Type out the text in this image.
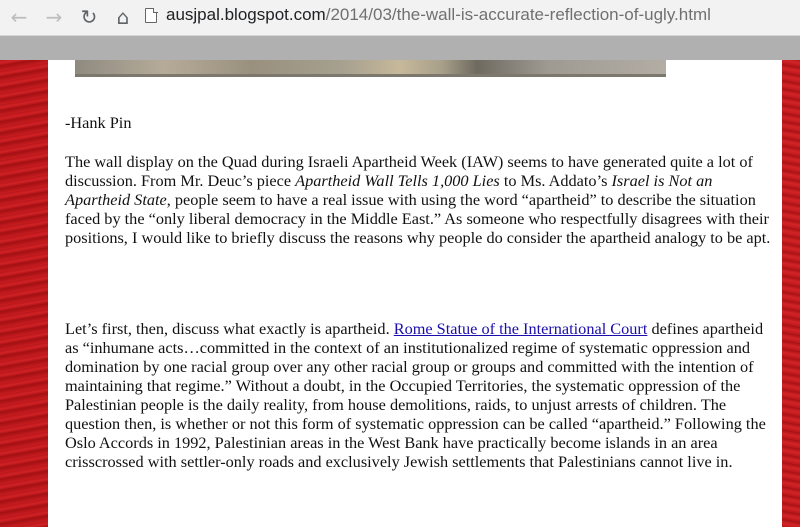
← → ↻ ⌂	ausjpal.blogspot.com/2014/03/the-wall-is-accurate-reflection-of-ugly.html

-Hank Pin

The wall display on the Quad during Israeli Apartheid Week (IAW) seems to have generated quite a lot of discussion. From Mr. Deuc’s piece Apartheid Wall Tells 1,000 Lies to Ms. Addato’s Israel is Not an Apartheid State, people seem to have a real issue with using the word “apartheid” to describe the situation faced by the “only liberal democracy in the Middle East.” As someone who respectfully disagrees with their positions, I would like to briefly discuss the reasons why people do consider the apartheid analogy to be apt.

Let’s first, then, discuss what exactly is apartheid. Rome Statue of the International Court defines apartheid as “inhumane acts…committed in the context of an institutionalized regime of systematic oppression and domination by one racial group over any other racial group or groups and committed with the intention of maintaining that regime.” Without a doubt, in the Occupied Territories, the systematic oppression of the Palestinian people is the daily reality, from house demolitions, raids, to unjust arrests of children. The question then, is whether or not this form of systematic oppression can be called “apartheid.” Following the Oslo Accords in 1992, Palestinian areas in the West Bank have practically become islands in an area crisscrossed with settler-only roads and exclusively Jewish settlements that Palestinians cannot live in.
